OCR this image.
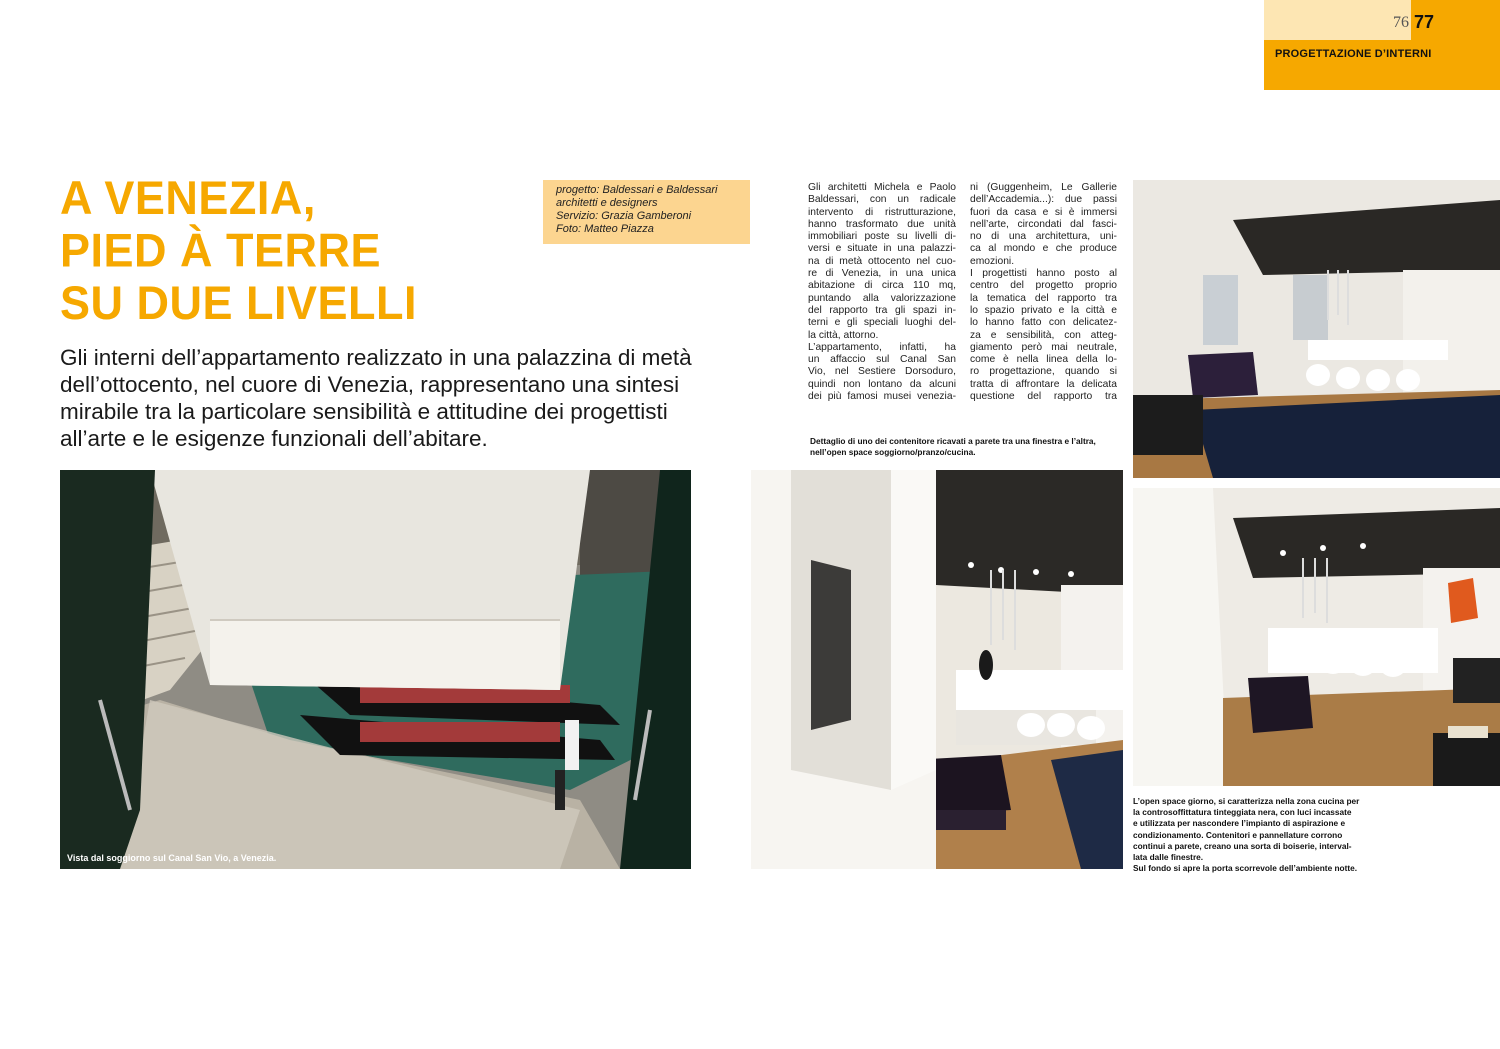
76 77
PROGETTAZIONE D’INTERNI
A VENEZIA,
PIED À TERRE
SU DUE LIVELLI
progetto: Baldessari e Baldessari
architetti e designers
Servizio: Grazia Gamberoni
Foto: Matteo Piazza

Gli interni dell’appartamento realizzato in una palazzina di metà dell’ottocento, nel cuore di Venezia, rappresentano una sintesi mirabile tra la particolare sensibilità e attitudine dei progettisti all’arte e le esigenze funzionali dell’abitare.

Gli architetti Michela e Paolo
Baldessari, con un radicale
intervento di ristrutturazione,
hanno trasformato due unità
immobiliari poste su livelli di-
versi e situate in una palazzi-
na di metà ottocento nel cuo-
re di Venezia, in una unica
abitazione di circa 110 mq,
puntando alla valorizzazione
del rapporto tra gli spazi in-
terni e gli speciali luoghi del-
la città, attorno.
L’appartamento, infatti, ha
un affaccio sul Canal San
Vio, nel Sestiere Dorsoduro,
quindi non lontano da alcuni
dei più famosi musei venezia-
ni (Guggenheim, Le Gallerie
dell’Accademia...): due passi
fuori da casa e si è immersi
nell’arte, circondati dal fasci-
no di una architettura, uni-
ca al mondo e che produce
emozioni.
I progettisti hanno posto al
centro del progetto proprio
la tematica del rapporto tra
lo spazio privato e la città e
lo hanno fatto con delicatez-
za e sensibilità, con atteg-
giamento però mai neutrale,
come è nella linea della lo-
ro progettazione, quando si
tratta di affrontare la delicata
questione del rapporto tra
Dettaglio di uno dei contenitore ricavati a parete tra una finestra e l’altra,
nell’open space soggiorno/pranzo/cucina.
Vista dal soggiorno sul Canal San Vio, a Venezia.
L’open space giorno, si caratterizza nella zona cucina per
la controsoffittatura tinteggiata nera, con luci incassate
e utilizzata per nascondere l’impianto di aspirazione e
condizionamento. Contenitori e pannellature corrono
continui a parete, creano una sorta di boiserie, interval-
lata dalle finestre.
Sul fondo si apre la porta scorrevole dell’ambiente notte.
